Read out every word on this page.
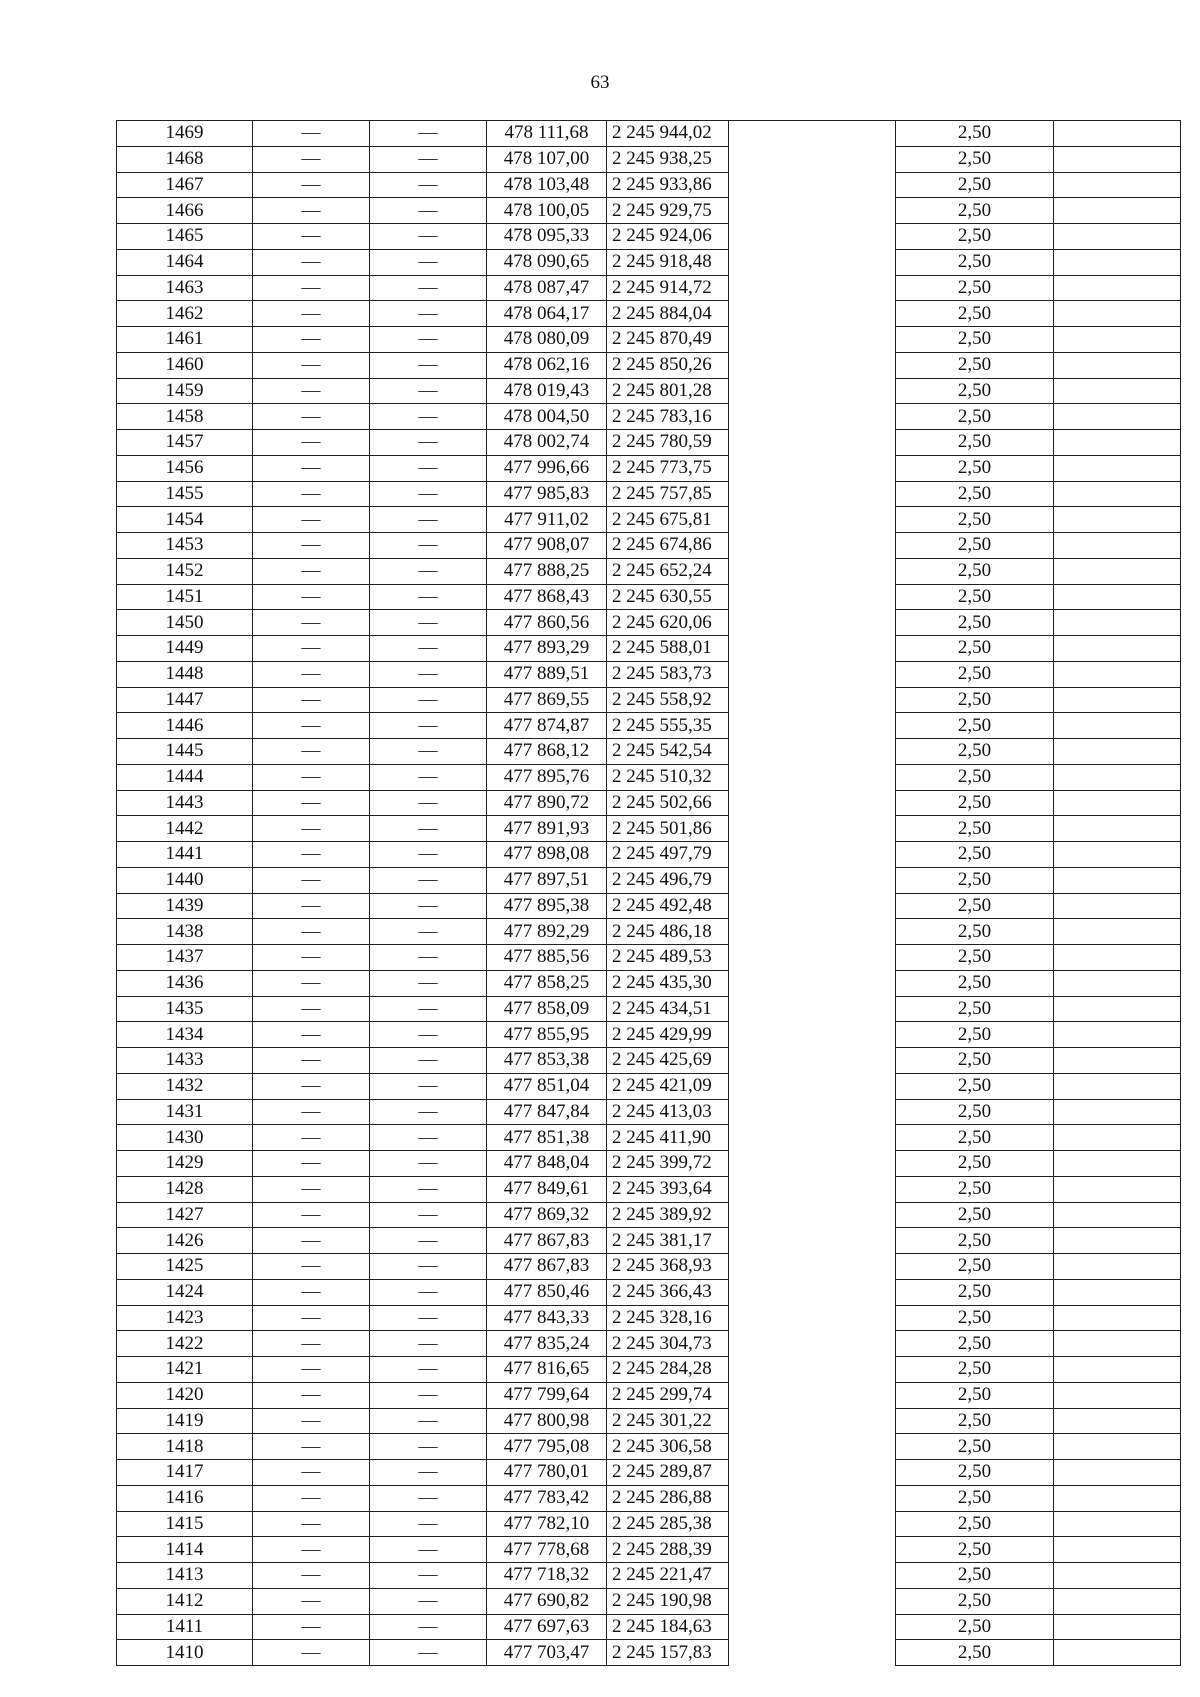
63
1469	—	—	478 111,68	2 245 944,02		2,50	
1468	—	—	478 107,00	2 245 938,25		2,50	
1467	—	—	478 103,48	2 245 933,86		2,50	
1466	—	—	478 100,05	2 245 929,75		2,50	
1465	—	—	478 095,33	2 245 924,06		2,50	
1464	—	—	478 090,65	2 245 918,48		2,50	
1463	—	—	478 087,47	2 245 914,72		2,50	
1462	—	—	478 064,17	2 245 884,04		2,50	
1461	—	—	478 080,09	2 245 870,49		2,50	
1460	—	—	478 062,16	2 245 850,26		2,50	
1459	—	—	478 019,43	2 245 801,28		2,50	
1458	—	—	478 004,50	2 245 783,16		2,50	
1457	—	—	478 002,74	2 245 780,59		2,50	
1456	—	—	477 996,66	2 245 773,75		2,50	
1455	—	—	477 985,83	2 245 757,85		2,50	
1454	—	—	477 911,02	2 245 675,81		2,50	
1453	—	—	477 908,07	2 245 674,86		2,50	
1452	—	—	477 888,25	2 245 652,24		2,50	
1451	—	—	477 868,43	2 245 630,55		2,50	
1450	—	—	477 860,56	2 245 620,06		2,50	
1449	—	—	477 893,29	2 245 588,01		2,50	
1448	—	—	477 889,51	2 245 583,73		2,50	
1447	—	—	477 869,55	2 245 558,92		2,50	
1446	—	—	477 874,87	2 245 555,35		2,50	
1445	—	—	477 868,12	2 245 542,54		2,50	
1444	—	—	477 895,76	2 245 510,32		2,50	
1443	—	—	477 890,72	2 245 502,66		2,50	
1442	—	—	477 891,93	2 245 501,86		2,50	
1441	—	—	477 898,08	2 245 497,79		2,50	
1440	—	—	477 897,51	2 245 496,79		2,50	
1439	—	—	477 895,38	2 245 492,48		2,50	
1438	—	—	477 892,29	2 245 486,18		2,50	
1437	—	—	477 885,56	2 245 489,53		2,50	
1436	—	—	477 858,25	2 245 435,30		2,50	
1435	—	—	477 858,09	2 245 434,51		2,50	
1434	—	—	477 855,95	2 245 429,99		2,50	
1433	—	—	477 853,38	2 245 425,69		2,50	
1432	—	—	477 851,04	2 245 421,09		2,50	
1431	—	—	477 847,84	2 245 413,03		2,50	
1430	—	—	477 851,38	2 245 411,90		2,50	
1429	—	—	477 848,04	2 245 399,72		2,50	
1428	—	—	477 849,61	2 245 393,64		2,50	
1427	—	—	477 869,32	2 245 389,92		2,50	
1426	—	—	477 867,83	2 245 381,17		2,50	
1425	—	—	477 867,83	2 245 368,93		2,50	
1424	—	—	477 850,46	2 245 366,43		2,50	
1423	—	—	477 843,33	2 245 328,16		2,50	
1422	—	—	477 835,24	2 245 304,73		2,50	
1421	—	—	477 816,65	2 245 284,28		2,50	
1420	—	—	477 799,64	2 245 299,74		2,50	
1419	—	—	477 800,98	2 245 301,22		2,50	
1418	—	—	477 795,08	2 245 306,58		2,50	
1417	—	—	477 780,01	2 245 289,87		2,50	
1416	—	—	477 783,42	2 245 286,88		2,50	
1415	—	—	477 782,10	2 245 285,38		2,50	
1414	—	—	477 778,68	2 245 288,39		2,50	
1413	—	—	477 718,32	2 245 221,47		2,50	
1412	—	—	477 690,82	2 245 190,98		2,50	
1411	—	—	477 697,63	2 245 184,63		2,50	
1410	—	—	477 703,47	2 245 157,83		2,50	
